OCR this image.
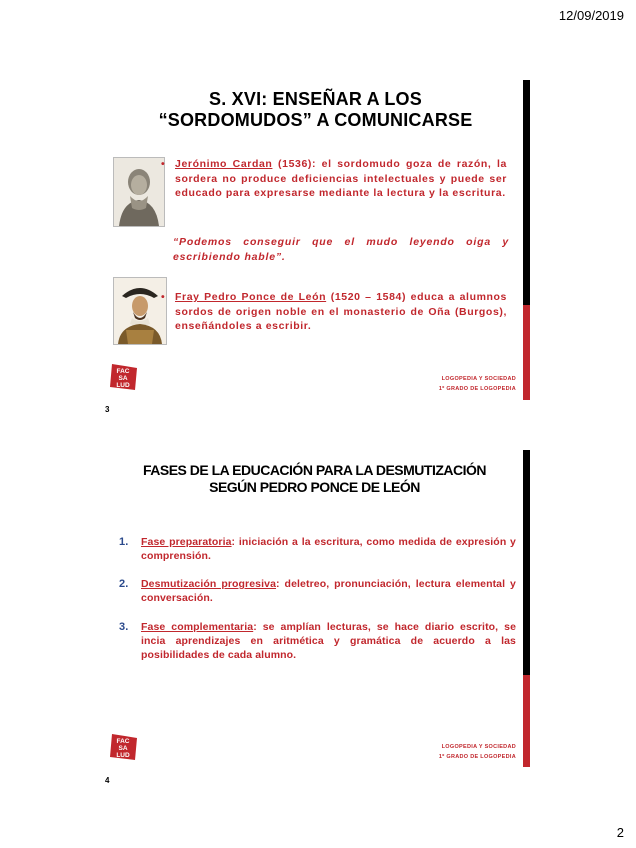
12/09/2019
S. XVI: ENSEÑAR A LOS
“SORDOMUDOS” A COMUNICARSE
• Jerónimo Cardan (1536): el sordomudo goza de razón, la sordera no produce deficiencias intelectuales y puede ser educado para expresarse mediante la lectura y la escritura.
“Podemos conseguir que el mudo leyendo oiga y escribiendo hable”.
• Fray Pedro Ponce de León (1520 – 1584) educa a alumnos sordos de origen noble en el monasterio de Oña (Burgos), enseñándoles a escribir.
FAC
SA
LUD
LOGOPEDIA Y SOCIEDAD
1º GRADO DE LOGOPEDIA
3
FASES DE LA EDUCACIÓN PARA LA DESMUTIZACIÓN
SEGÚN PEDRO PONCE DE LEÓN
1. Fase preparatoria: iniciación a la escritura, como medida de expresión y comprensión.
2. Desmutización progresiva: deletreo, pronunciación, lectura elemental y conversación.
3. Fase complementaria: se amplían lecturas, se hace diario escrito, se incia aprendizajes en aritmética y gramática de acuerdo a las posibilidades de cada alumno.
FAC
SA
LUD
LOGOPEDIA Y SOCIEDAD
1º GRADO DE LOGOPEDIA
4
2
